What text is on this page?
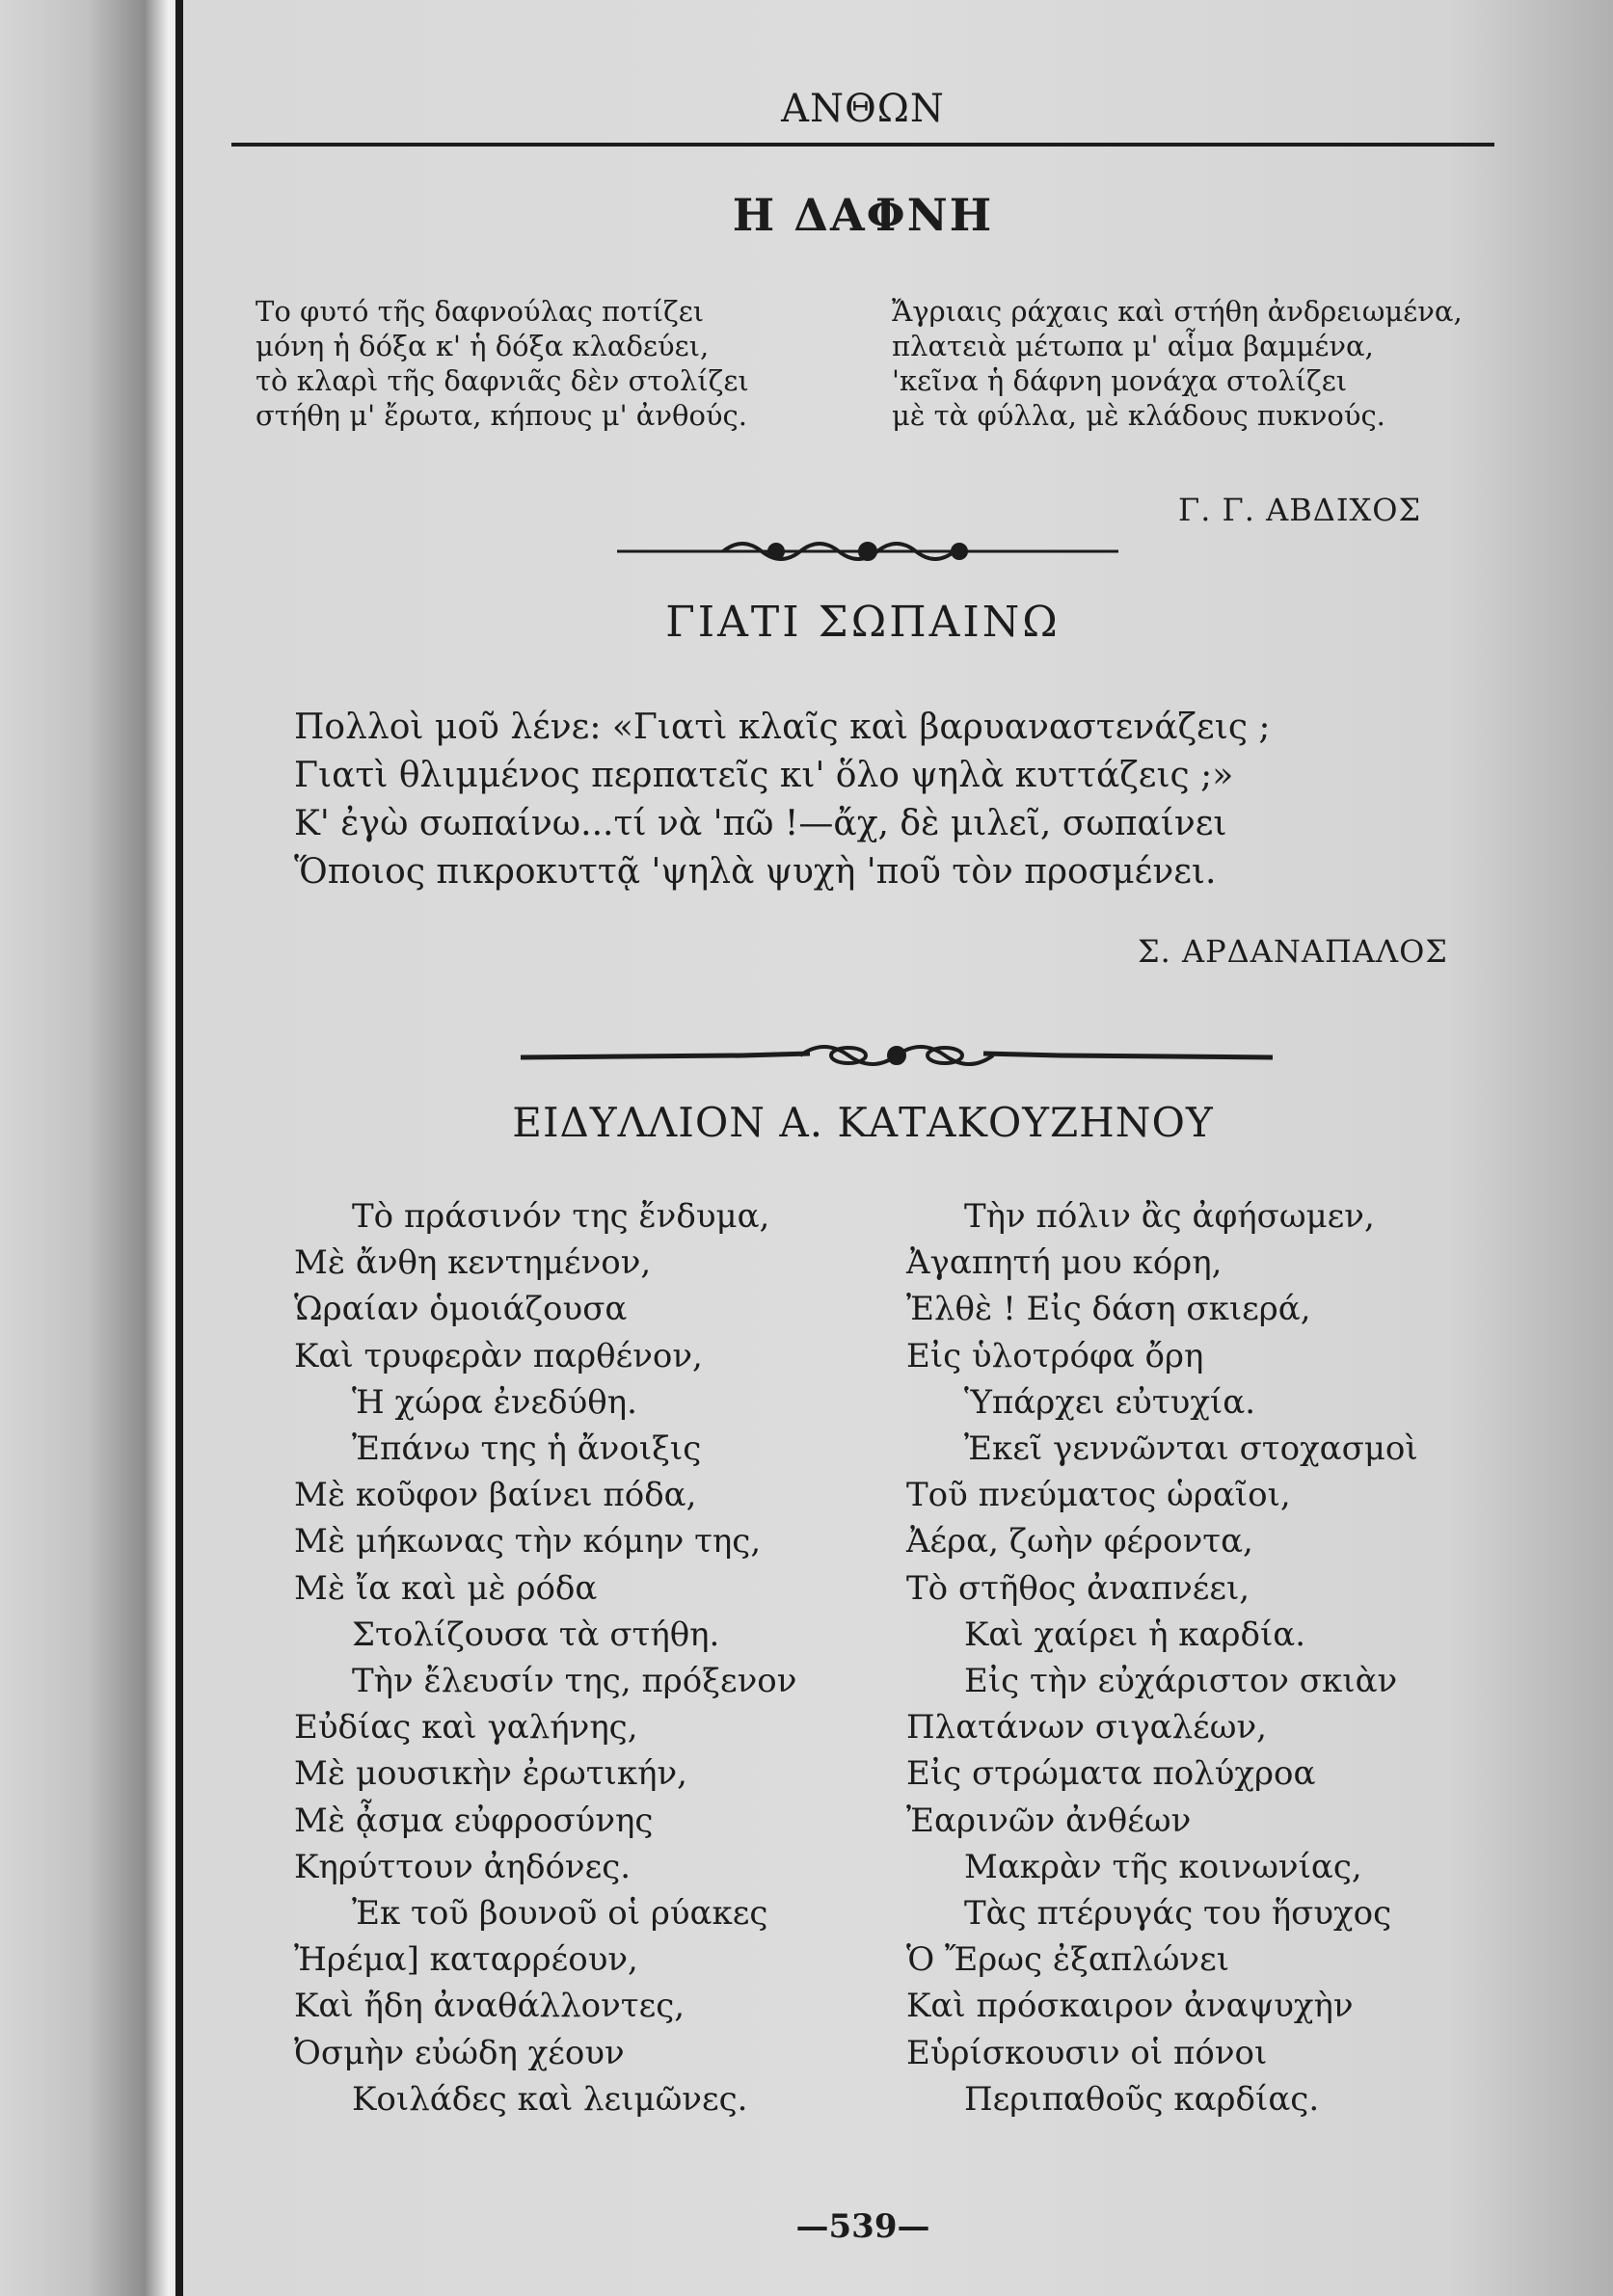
ΑΝΘΩΝ
Η ΔΑΦΝΗ
Το φυτό τῆς δαφνούλας ποτίζει
μόνη ἡ δόξα κ' ἡ δόξα κλαδεύει,
τὸ κλαρὶ τῆς δαφνιᾶς δὲν στολίζει
στήθη μ' ἔρωτα, κήπους μ' ἀνθούς.
Ἄγριαις ράχαις καὶ στήθη ἀνδρειωμένα,
πλατειὰ μέτωπα μ' αἷμα βαμμένα,
'κεῖνα ἡ δάφνη μονάχα στολίζει
μὲ τὰ φύλλα, μὲ κλάδους πυκνούς.
Γ. Γ. ΑΒΔΙΧΟΣ
ΓΙΑΤΙ ΣΩΠΑΙΝΩ
Πολλοὶ μοῦ λένε: «Γιατὶ κλαῖς καὶ βαρυαναστενάζεις ;
Γιατὶ θλιμμένος περπατεῖς κι' ὅλο ψηλὰ κυττάζεις ;»
Κ' ἐγὼ σωπαίνω...τί νὰ 'πῶ !—ἄχ, δὲ μιλεῖ, σωπαίνει
Ὅποιος πικροκυττᾷ 'ψηλὰ ψυχὴ 'ποῦ τὸν προσμένει.
Σ. ΑΡΔΑΝΑΠΑΛΟΣ
ΕΙΔΥΛΛΙΟΝ Α. ΚΑΤΑΚΟΥΖΗΝΟΥ
Τὸ πράσινόν της ἔνδυμα,
Μὲ ἄνθη κεντημένον,
Ὡραίαν ὁμοιάζουσα
Καὶ τρυφερὰν παρθένον,
Ἡ χώρα ἐνεδύθη.
Ἐπάνω της ἡ ἄνοιξις
Μὲ κοῦφον βαίνει πόδα,
Μὲ μήκωνας τὴν κόμην της,
Μὲ ἴα καὶ μὲ ρόδα
Στολίζουσα τὰ στήθη.
Τὴν ἔλευσίν της, πρόξενον
Εὐδίας καὶ γαλήνης,
Μὲ μουσικὴν ἐρωτικήν,
Μὲ ᾆσμα εὐφροσύνης
Κηρύττουν ἀηδόνες.
Ἐκ τοῦ βουνοῦ οἱ ρύακες
Ἠρέμα] καταρρέουν,
Καὶ ἤδη ἀναθάλλοντες,
Ὀσμὴν εὐώδη χέουν
Κοιλάδες καὶ λειμῶνες.
Τὴν πόλιν ἂς ἀφήσωμεν,
Ἀγαπητή μου κόρη,
Ἐλθὲ ! Εἰς δάση σκιερά,
Εἰς ὑλοτρόφα ὄρη
Ὑπάρχει εὐτυχία.
Ἐκεῖ γεννῶνται στοχασμοὶ
Τοῦ πνεύματος ὡραῖοι,
Ἀέρα, ζωὴν φέροντα,
Τὸ στῆθος ἀναπνέει,
Καὶ χαίρει ἡ καρδία.
Εἰς τὴν εὐχάριστον σκιὰν
Πλατάνων σιγαλέων,
Εἰς στρώματα πολύχροα
Ἐαρινῶν ἀνθέων
Μακρὰν τῆς κοινωνίας,
Τὰς πτέρυγάς του ἥσυχος
Ὁ Ἔρως ἐξαπλώνει
Καὶ πρόσκαιρον ἀναψυχὴν
Εὑρίσκουσιν οἱ πόνοι
Περιπαθοῦς καρδίας.
—539—
